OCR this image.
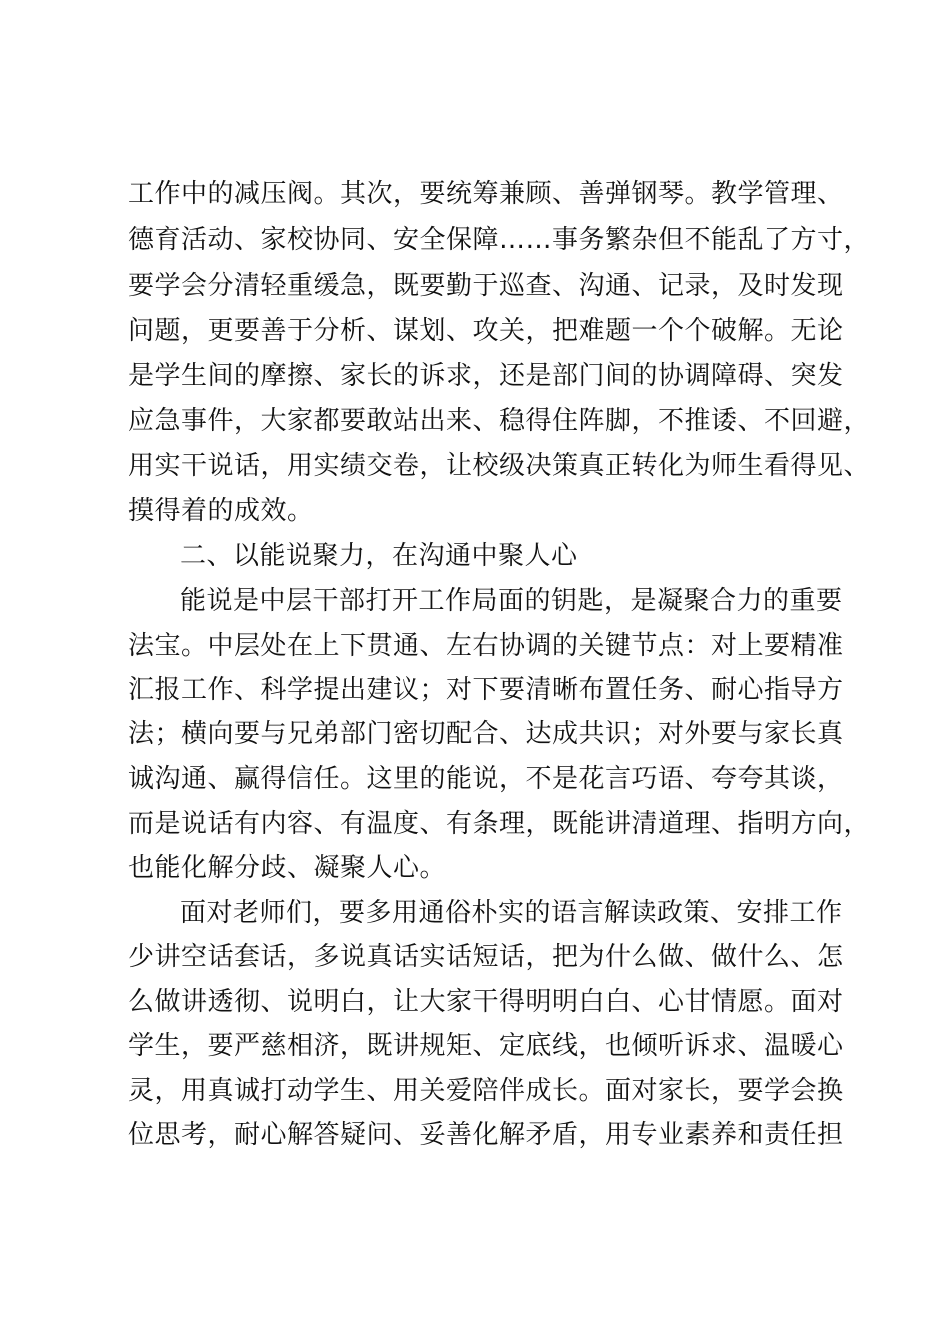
工作中的减压阀。其次，要统筹兼顾、善弹钢琴。教学管理、
德育活动、家校协同、安全保障……事务繁杂但不能乱了方寸，
要学会分清轻重缓急，既要勤于巡查、沟通、记录，及时发现
问题，更要善于分析、谋划、攻关，把难题一个个破解。无论
是学生间的摩擦、家长的诉求，还是部门间的协调障碍、突发
应急事件，大家都要敢站出来、稳得住阵脚，不推诿、不回避，
用实干说话，用实绩交卷，让校级决策真正转化为师生看得见、
摸得着的成效。
二、以能说聚力，在沟通中聚人心
能说是中层干部打开工作局面的钥匙，是凝聚合力的重要
法宝。中层处在上下贯通、左右协调的关键节点：对上要精准
汇报工作、科学提出建议；对下要清晰布置任务、耐心指导方
法；横向要与兄弟部门密切配合、达成共识；对外要与家长真
诚沟通、赢得信任。这里的能说，不是花言巧语、夸夸其谈，
而是说话有内容、有温度、有条理，既能讲清道理、指明方向，
也能化解分歧、凝聚人心。
面对老师们，要多用通俗朴实的语言解读政策、安排工作
少讲空话套话，多说真话实话短话，把为什么做、做什么、怎
么做讲透彻、说明白，让大家干得明明白白、心甘情愿。面对
学生，要严慈相济，既讲规矩、定底线，也倾听诉求、温暖心
灵，用真诚打动学生、用关爱陪伴成长。面对家长，要学会换
位思考，耐心解答疑问、妥善化解矛盾，用专业素养和责任担
